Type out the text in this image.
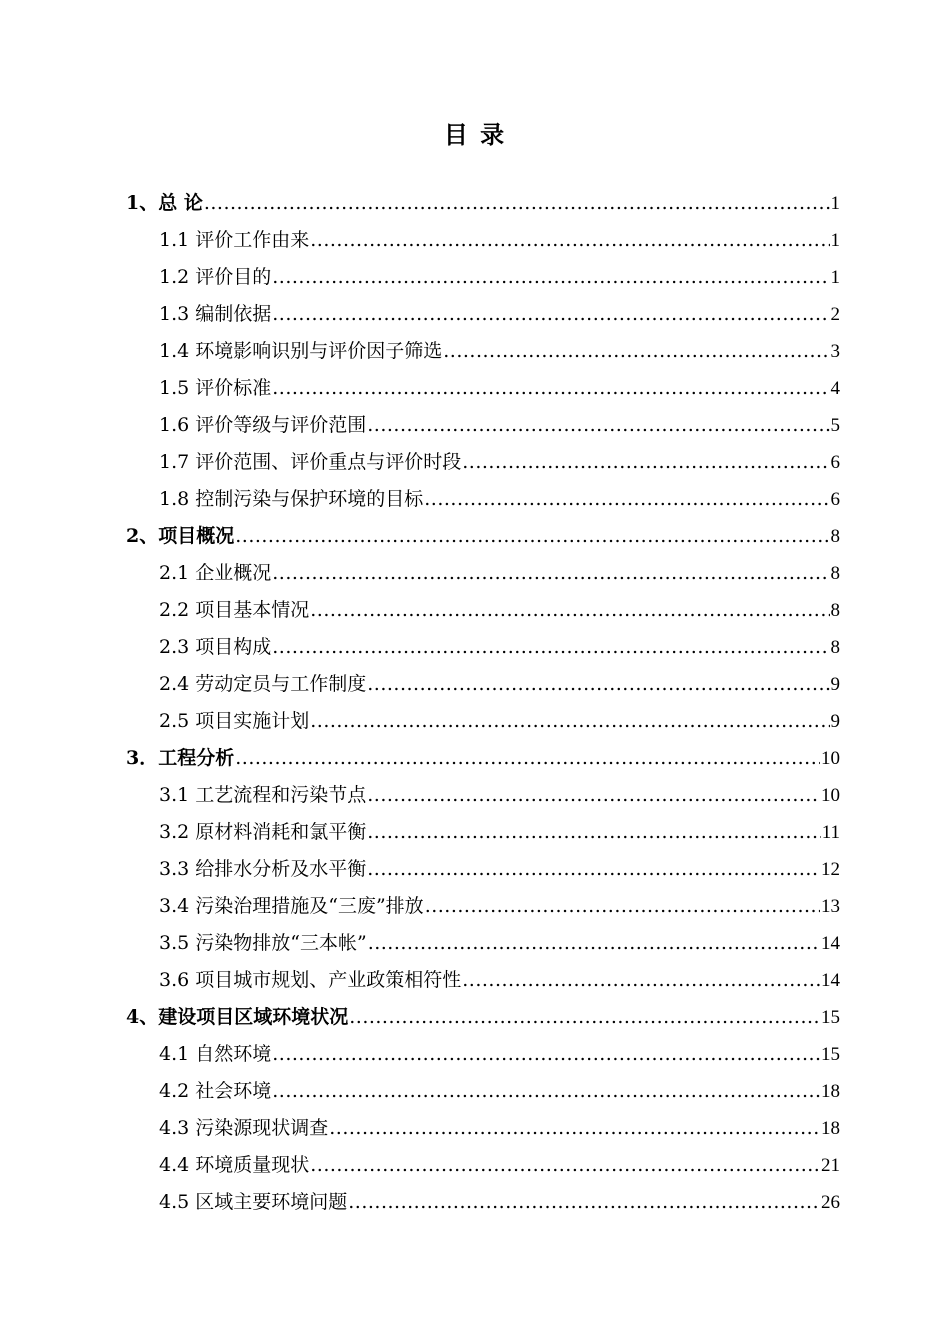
目 录
1、总 论 .....	1
1.1 评价工作由来 .....	1
1.2 评价目的 .....	1
1.3 编制依据 .....	2
1.4 环境影响识别与评价因子筛选 .....	3
1.5 评价标准 .....	4
1.6 评价等级与评价范围 .....	5
1.7 评价范围、评价重点与评价时段 .....	6
1.8 控制污染与保护环境的目标 .....	6
2、项目概况 .....	8
2.1 企业概况 .....	8
2.2 项目基本情况 .....	8
2.3 项目构成 .....	8
2.4 劳动定员与工作制度 .....	9
2.5 项目实施计划 .....	9
3．工程分析 .....	10
3.1 工艺流程和污染节点 .....	10
3.2 原材料消耗和氯平衡 .....	11
3.3 给排水分析及水平衡 .....	12
3.4 污染治理措施及“三废”排放 .....	13
3.5 污染物排放“三本帐” .....	14
3.6 项目城市规划、产业政策相符性 .....	14
4、建设项目区域环境状况 .....	15
4.1 自然环境 .....	15
4.2 社会环境 .....	18
4.3 污染源现状调查 .....	18
4.4 环境质量现状 .....	21
4.5 区域主要环境问题 .....	26
